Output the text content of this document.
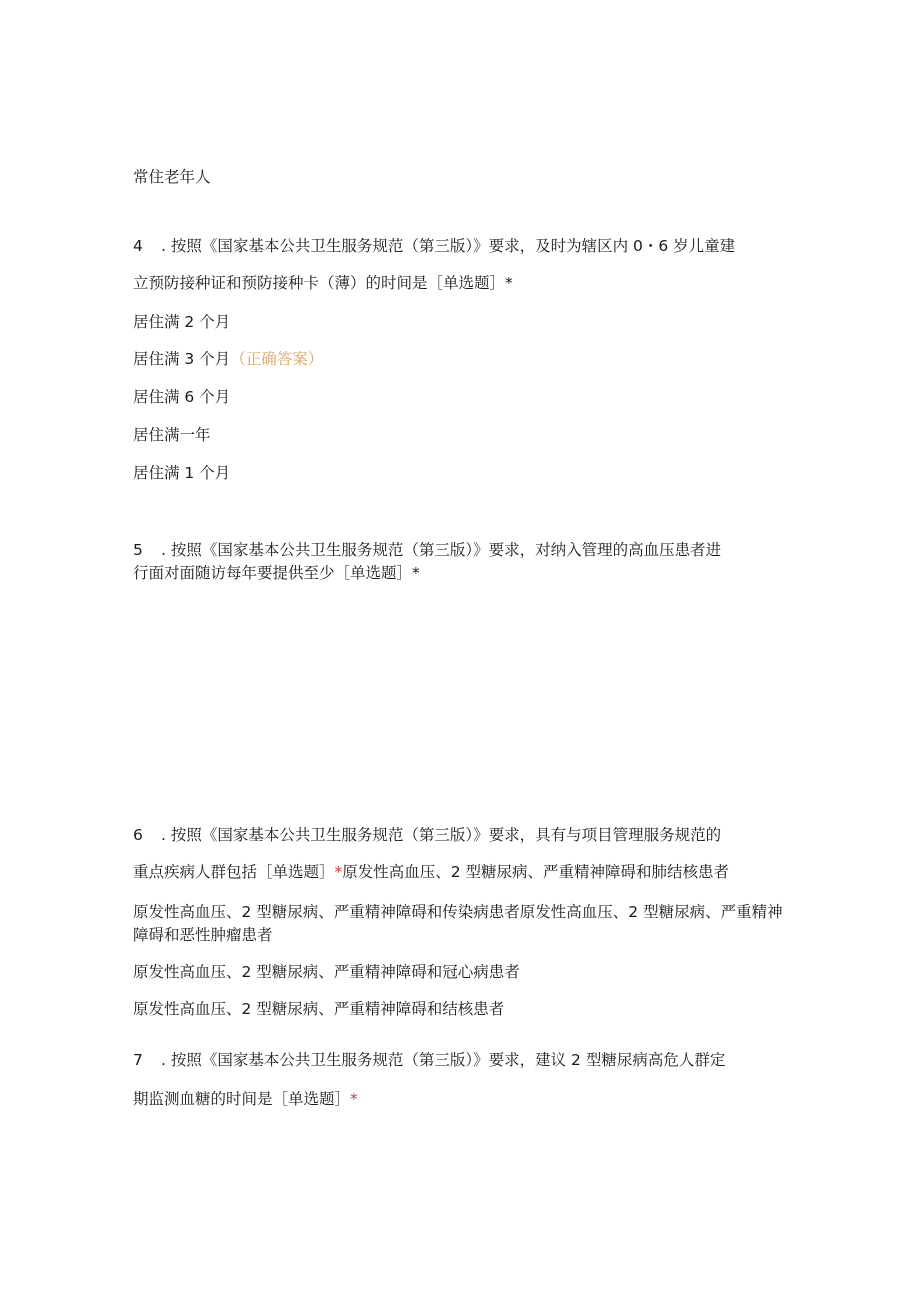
常住老年人
4 . 按照《国家基本公共卫生服务规范（第三版）》要求，及时为辖区内 0・6 岁儿童建
立预防接种证和预防接种卡（薄）的时间是［单选题］*
居住满 2 个月
居住满 3 个月（正确答案）
居住满 6 个月
居住满一年
居住满 1 个月
5 . 按照《国家基本公共卫生服务规范（第三版）》要求，对纳入管理的高血压患者进
行面对面随访每年要提供至少［单选题］*
6 . 按照《国家基本公共卫生服务规范（第三版）》要求，具有与项目管理服务规范的
重点疾病人群包括［单选题］*原发性高血压、2 型糖尿病、严重精神障碍和肺结核患者
原发性高血压、2 型糖尿病、严重精神障碍和传染病患者原发性高血压、2 型糖尿病、严重精神障碍和恶性肿瘤患者
原发性高血压、2 型糖尿病、严重精神障碍和冠心病患者
原发性高血压、2 型糖尿病、严重精神障碍和结核患者
7 . 按照《国家基本公共卫生服务规范（第三版）》要求，建议 2 型糖尿病高危人群定
期监测血糖的时间是［单选题］*
